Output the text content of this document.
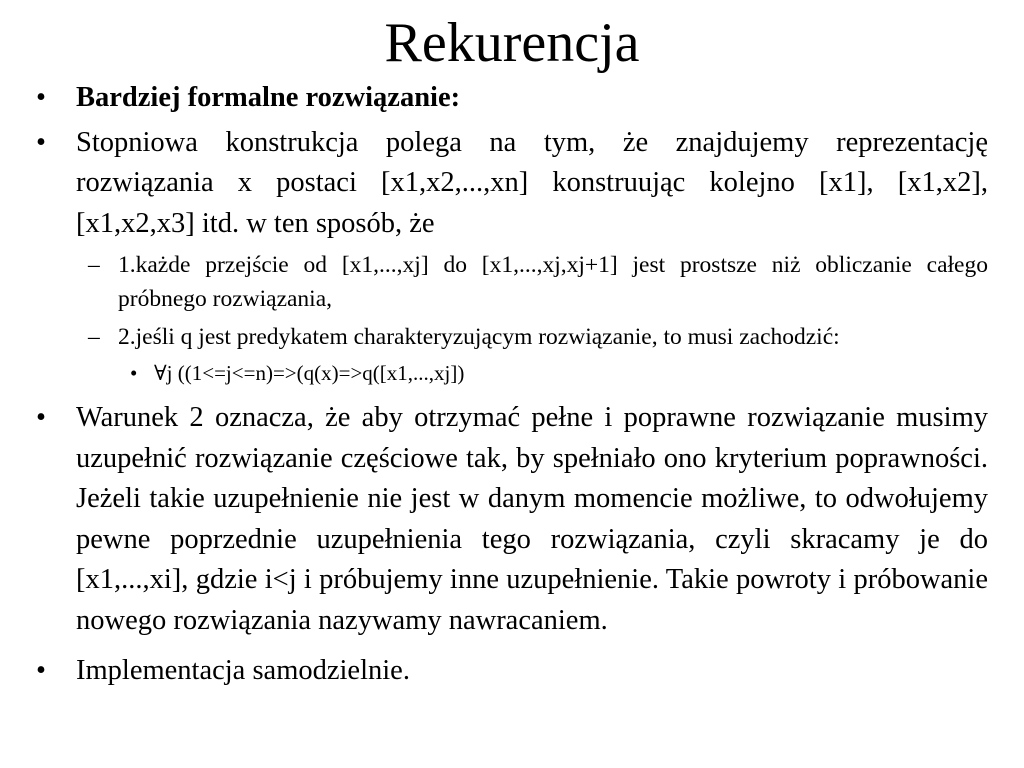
Rekurencja
• Bardziej formalne rozwiązanie:
• Stopniowa konstrukcja polega na tym, że znajdujemy reprezentację rozwiązania x postaci [x1,x2,...,xn] konstruując kolejno [x1], [x1,x2], [x1,x2,x3] itd. w ten sposób, że
– 1.każde przejście od [x1,...,xj] do [x1,...,xj,xj+1] jest prostsze niż obliczanie całego próbnego rozwiązania,
– 2.jeśli q jest predykatem charakteryzującym rozwiązanie, to musi zachodzić:
• ∀j ((1<=j<=n)=>(q(x)=>q([x1,...,xj])
• Warunek 2 oznacza, że aby otrzymać pełne i poprawne rozwiązanie musimy uzupełnić rozwiązanie częściowe tak, by spełniało ono kryterium poprawności. Jeżeli takie uzupełnienie nie jest w danym momencie możliwe, to odwołujemy pewne poprzednie uzupełnienia tego rozwiązania, czyli skracamy je do [x1,...,xi], gdzie i<j i próbujemy inne uzupełnienie. Takie powroty i próbowanie nowego rozwiązania nazywamy nawracaniem.
• Implementacja samodzielnie.
